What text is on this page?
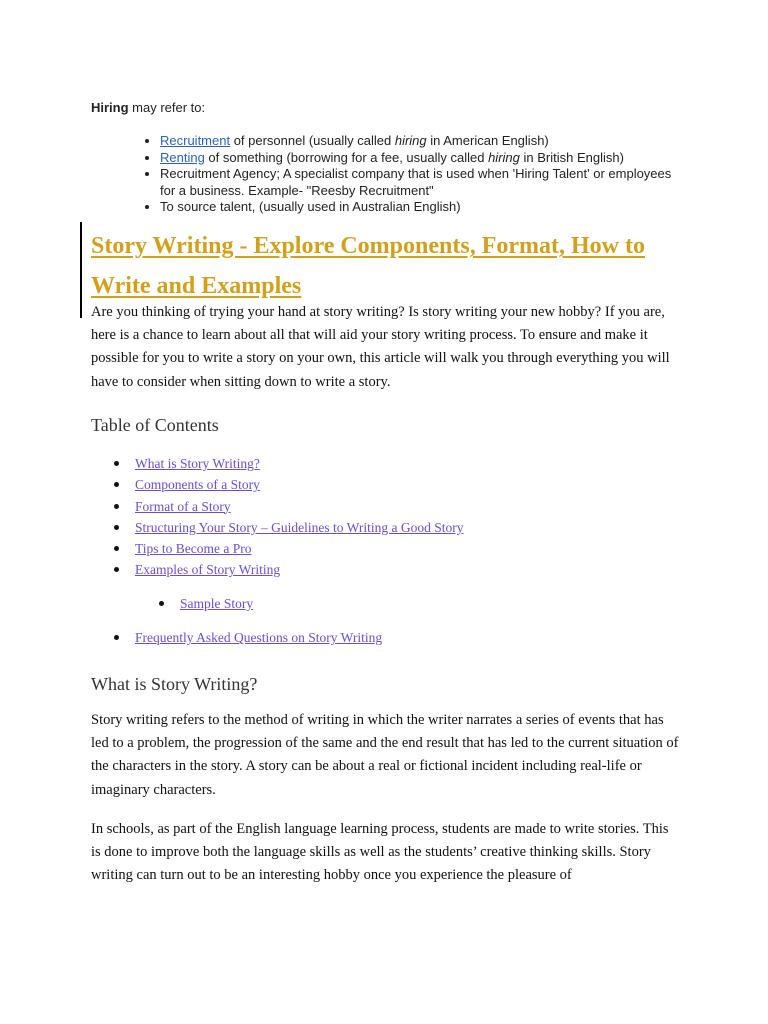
Hiring may refer to:

• Recruitment of personnel (usually called hiring in American English)
• Renting of something (borrowing for a fee, usually called hiring in British English)
• Recruitment Agency; A specialist company that is used when 'Hiring Talent' or employees for a business. Example- "Reesby Recruitment"
• To source talent, (usually used in Australian English)
Story Writing - Explore Components, Format, How to Write and Examples

Are you thinking of trying your hand at story writing? Is story writing your new hobby? If you are, here is a chance to learn about all that will aid your story writing process. To ensure and make it possible for you to write a story on your own, this article will walk you through everything you will have to consider when sitting down to write a story.

Table of Contents
What is Story Writing?
Components of a Story
Format of a Story
Structuring Your Story – Guidelines to Writing a Good Story
Tips to Become a Pro
Examples of Story Writing
Sample Story
Frequently Asked Questions on Story Writing
What is Story Writing?

Story writing refers to the method of writing in which the writer narrates a series of events that has led to a problem, the progression of the same and the end result that has led to the current situation of the characters in the story. A story can be about a real or fictional incident including real-life or imaginary characters.

In schools, as part of the English language learning process, students are made to write stories. This is done to improve both the language skills as well as the students’ creative thinking skills. Story writing can turn out to be an interesting hobby once you experience the pleasure of
